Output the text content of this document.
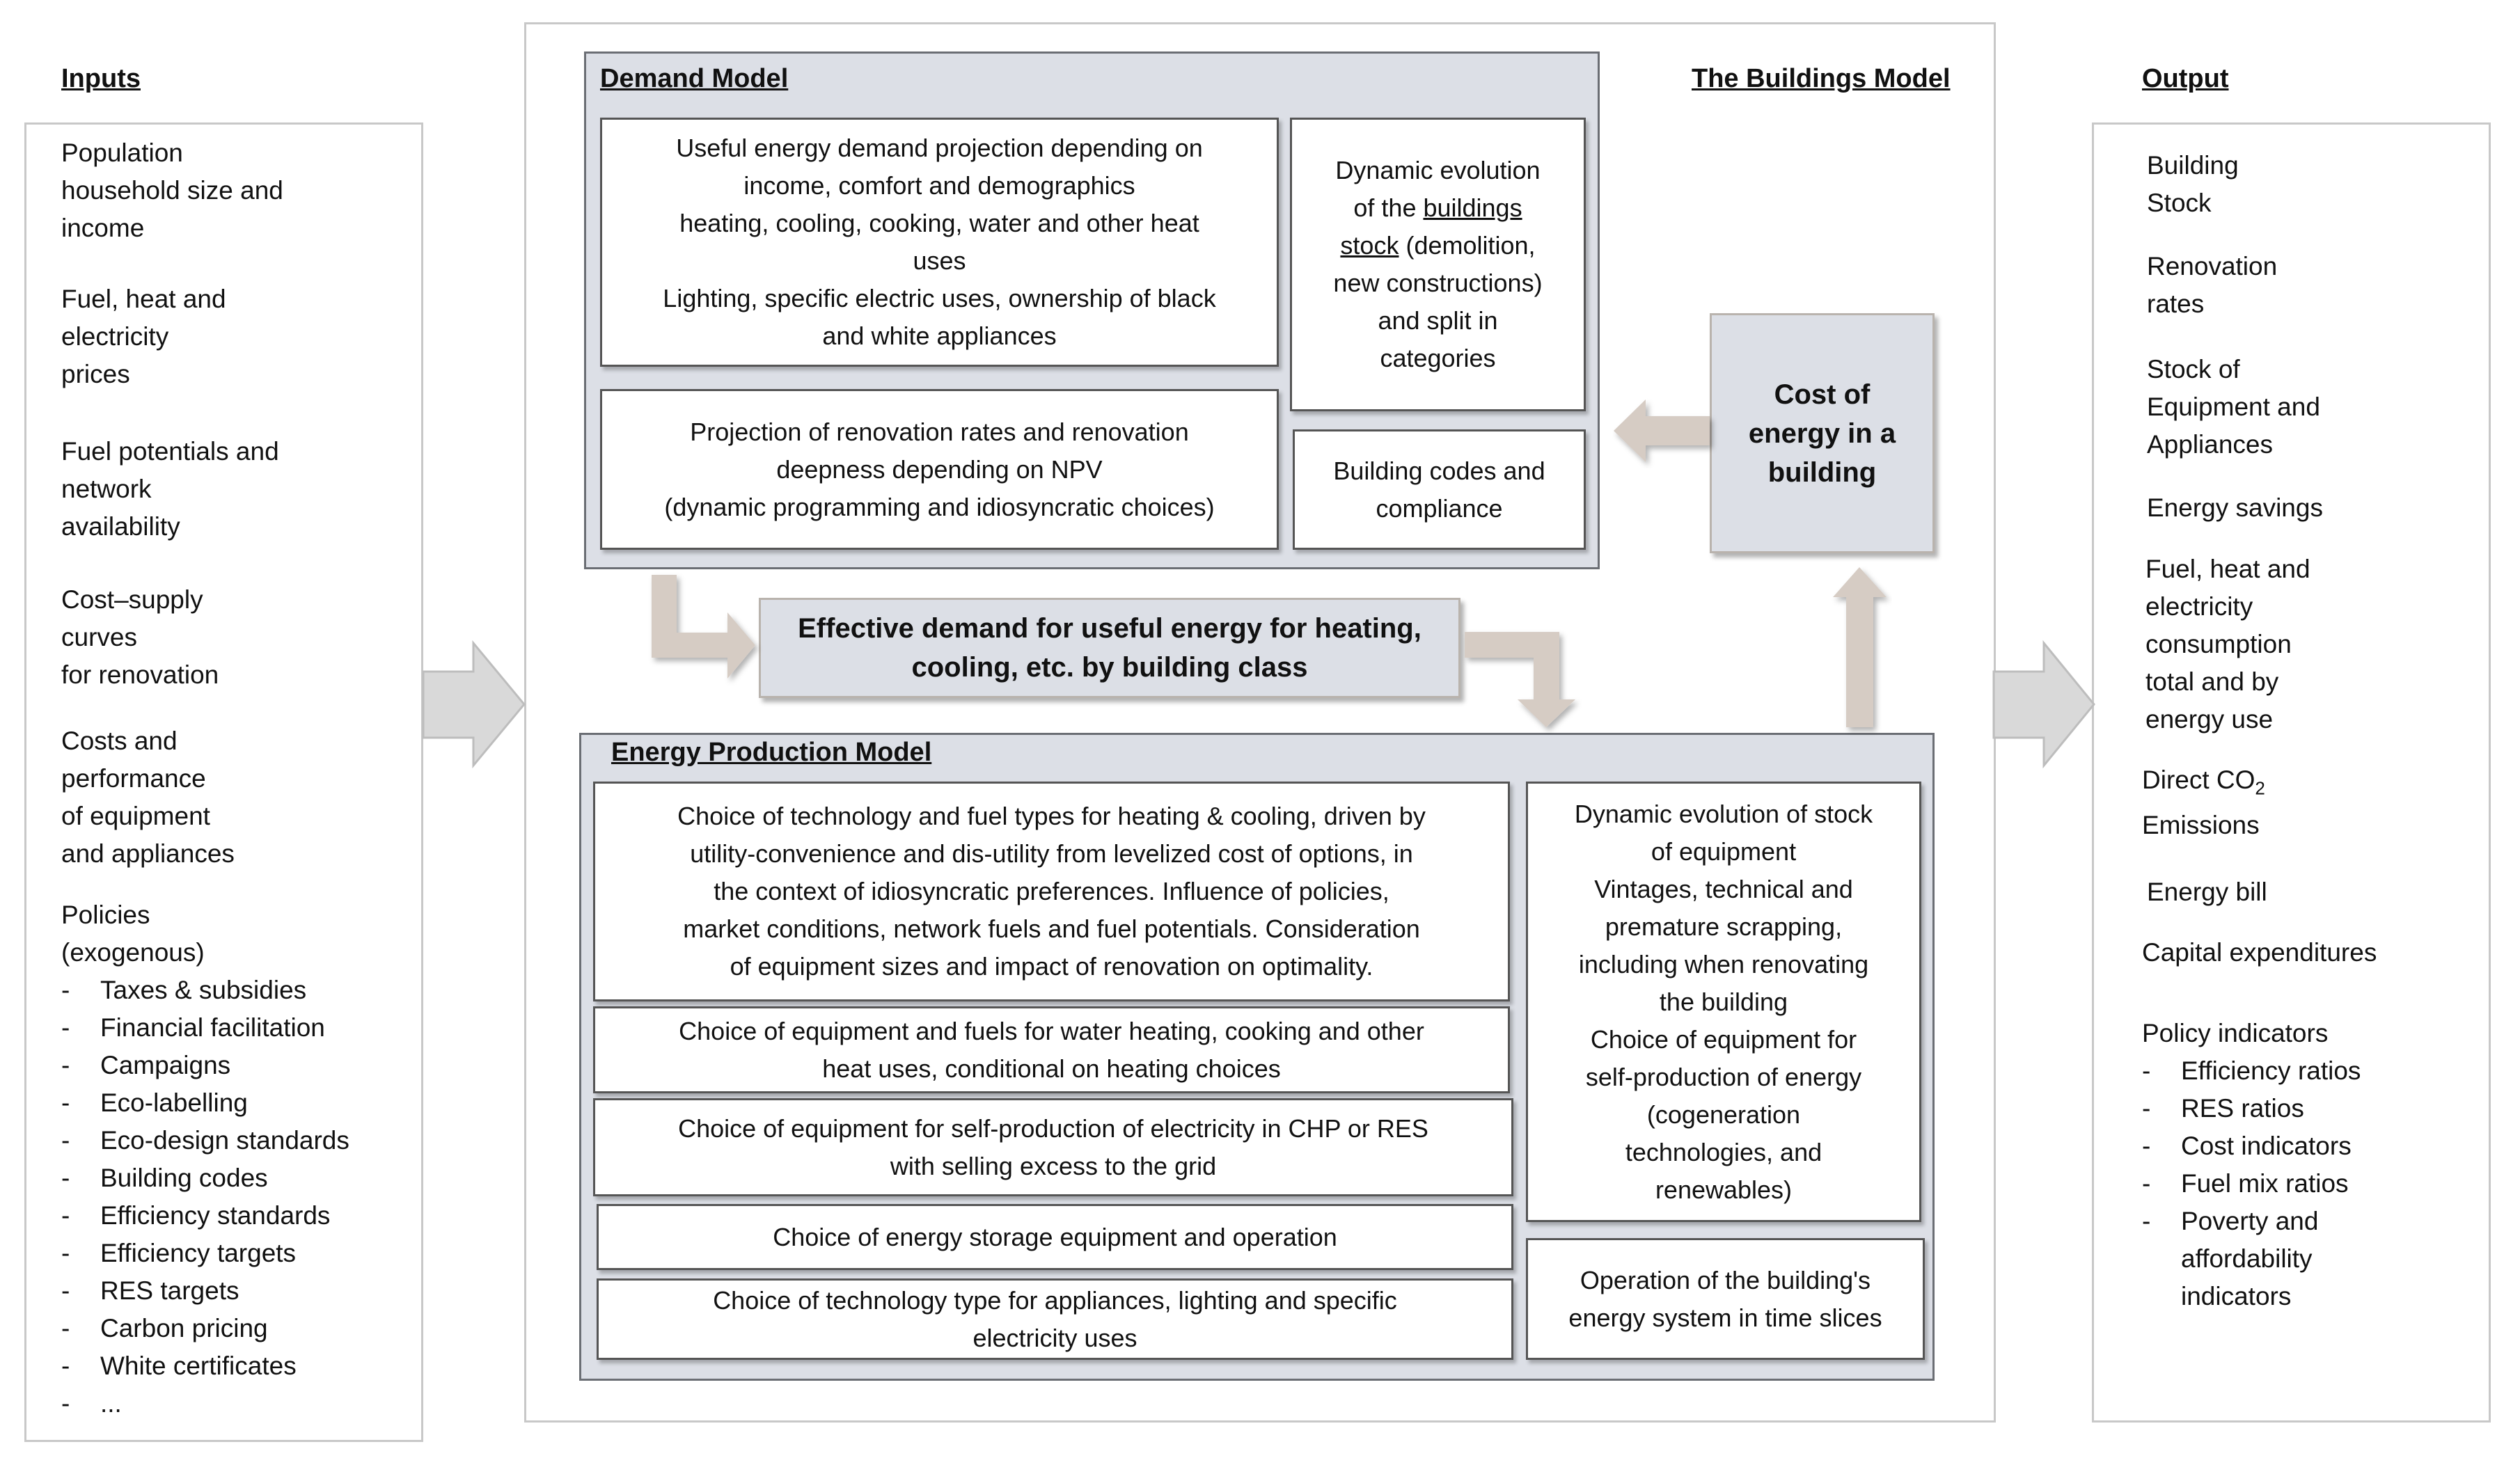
Inputs	The Buildings Model	Output
Population
household size and
income
Fuel, heat and
electricity
prices
Fuel potentials and
network
availability
Cost–supply
curves
for renovation
Costs and
performance
of equipment
and appliances
Policies
(exogenous)
- Taxes & subsidies
- Financial facilitation
- Campaigns
- Eco-labelling
- Eco-design standards
- Building codes
- Efficiency standards
- Efficiency targets
- RES targets
- Carbon pricing
- White certificates
- ...
Demand Model
Useful energy demand projection depending on
income, comfort and demographics
heating, cooling, cooking, water and other heat
uses
Lighting, specific electric uses, ownership of black
and white appliances
Dynamic evolution
of the buildings
stock (demolition,
new constructions)
and split in
categories
Projection of renovation rates and renovation
deepness depending on NPV
(dynamic programming and idiosyncratic choices)
Building codes and
compliance
Cost of
energy in a
building
Effective demand for useful energy for heating,
cooling, etc. by building class
Energy Production Model
Choice of technology and fuel types for heating & cooling, driven by
utility-convenience and dis-utility from levelized cost of options, in
the context of idiosyncratic preferences. Influence of policies,
market conditions, network fuels and fuel potentials. Consideration
of equipment sizes and impact of renovation on optimality.
Choice of equipment and fuels for water heating, cooking and other
heat uses, conditional on heating choices
Choice of equipment for self-production of electricity in CHP or RES
with selling excess to the grid
Choice of energy storage equipment and operation
Choice of technology type for appliances, lighting and specific
electricity uses
Dynamic evolution of stock
of equipment
Vintages, technical and
premature scrapping,
including when renovating
the building
Choice of equipment for
self-production of energy
(cogeneration
technologies, and
renewables)
Operation of the building's
energy system in time slices
Building
Stock
Renovation
rates
Stock of
Equipment and
Appliances
Energy savings
Fuel, heat and
electricity
consumption
total and by
energy use
Direct $CO_2$
Emissions
Energy bill
Capital expenditures
Policy indicators
-	Efficiency ratios
-	RES ratios
-	Cost indicators
-	Fuel mix ratios
-	Poverty and
affordability
indicators
